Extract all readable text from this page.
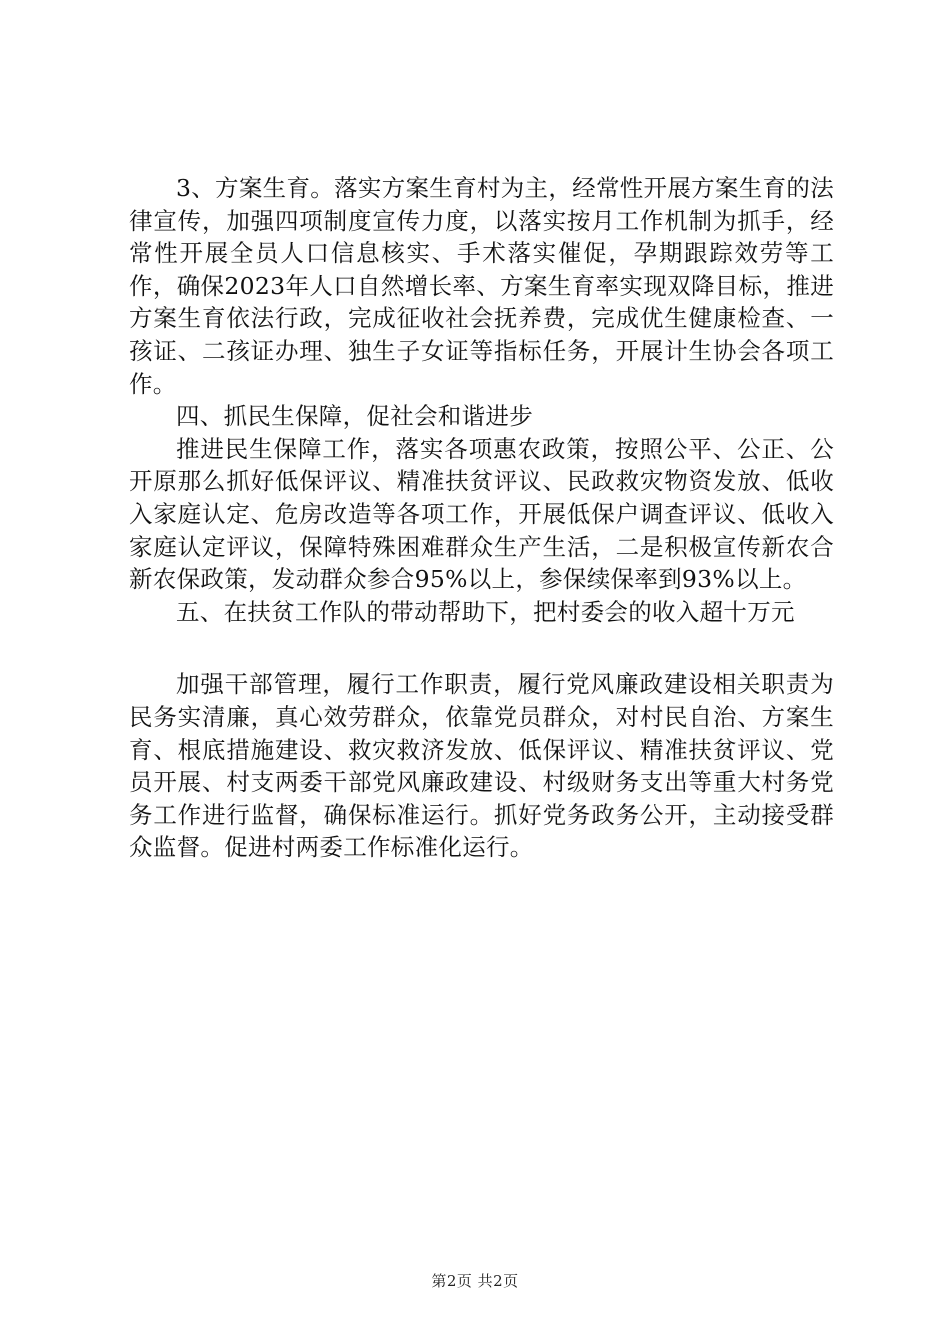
3、方案生育。落实方案生育村为主，经常性开展方案生育的法律宣传，加强四项制度宣传力度，以落实按月工作机制为抓手，经常性开展全员人口信息核实、手术落实催促，孕期跟踪效劳等工作，确保2023年人口自然增长率、方案生育率实现双降目标，推进方案生育依法行政，完成征收社会抚养费，完成优生健康检查、一孩证、二孩证办理、独生子女证等指标任务，开展计生协会各项工作。

四、抓民生保障，促社会和谐进步

推进民生保障工作，落实各项惠农政策，按照公平、公正、公开原那么抓好低保评议、精准扶贫评议、民政救灾物资发放、低收入家庭认定、危房改造等各项工作，开展低保户调查评议、低收入家庭认定评议，保障特殊困难群众生产生活，二是积极宣传新农合新农保政策，发动群众参合95%以上，参保续保率到93%以上。

五、在扶贫工作队的带动帮助下，把村委会的收入超十万元

加强干部管理，履行工作职责，履行党风廉政建设相关职责为民务实清廉，真心效劳群众，依靠党员群众，对村民自治、方案生育、根底措施建设、救灾救济发放、低保评议、精准扶贫评议、党员开展、村支两委干部党风廉政建设、村级财务支出等重大村务党务工作进行监督，确保标准运行。抓好党务政务公开，主动接受群众监督。促进村两委工作标准化运行。

第2页 共2页
